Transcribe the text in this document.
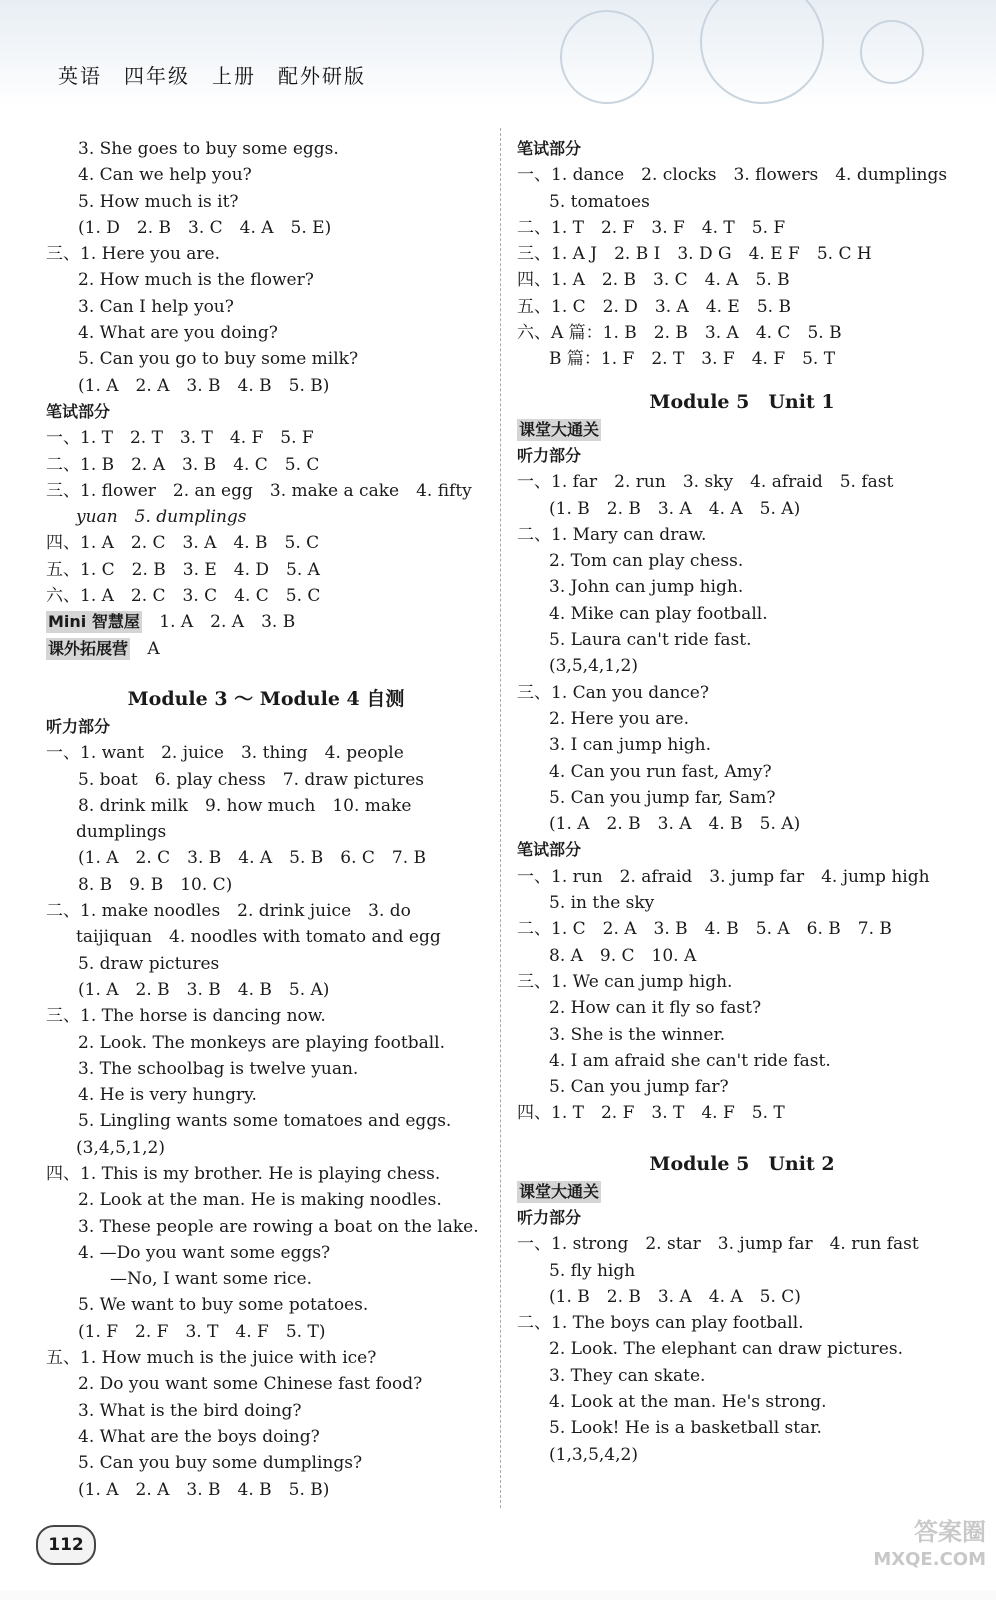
英语　四年级　上册　配外研版
3. She goes to buy some eggs.
4. Can we help you?
5. How much is it?
(1. D　2. B　3. C　4. A　5. E)
三、1. Here you are.
2. How much is the flower?
3. Can I help you?
4. What are you doing?
5. Can you go to buy some milk?
(1. A　2. A　3. B　4. B　5. B)
笔试部分
一、1. T　2. T　3. T　4. F　5. F
二、1. B　2. A　3. B　4. C　5. C
三、1. flower　2. an egg　3. make a cake　4. fifty
yuan　5. dumplings
四、1. A　2. C　3. A　4. B　5. C
五、1. C　2. B　3. E　4. D　5. A
六、1. A　2. C　3. C　4. C　5. C
Mini 智慧屋 1. A　2. A　3. B
课外拓展营 A
Module 3 ～ Module 4 自测
听力部分
一、1. want　2. juice　3. thing　4. people
5. boat　6. play chess　7. draw pictures
8. drink milk　9. how much　10. make
dumplings
(1. A　2. C　3. B　4. A　5. B　6. C　7. B
8. B　9. B　10. C)
二、1. make noodles　2. drink juice　3. do
taijiquan　4. noodles with tomato and egg
5. draw pictures
(1. A　2. B　3. B　4. B　5. A)
三、1. The horse is dancing now.
2. Look. The monkeys are playing football.
3. The schoolbag is twelve yuan.
4. He is very hungry.
5. Lingling wants some tomatoes and eggs.
(3,4,5,1,2)
四、1. This is my brother. He is playing chess.
2. Look at the man. He is making noodles.
3. These people are rowing a boat on the lake.
4. —Do you want some eggs?
—No, I want some rice.
5. We want to buy some potatoes.
(1. F　2. F　3. T　4. F　5. T)
五、1. How much is the juice with ice?
2. Do you want some Chinese fast food?
3. What is the bird doing?
4. What are the boys doing?
5. Can you buy some dumplings?
(1. A　2. A　3. B　4. B　5. B)
笔试部分
一、1. dance　2. clocks　3. flowers　4. dumplings
5. tomatoes
二、1. T　2. F　3. F　4. T　5. F
三、1. A J　2. B I　3. D G　4. E F　5. C H
四、1. A　2. B　3. C　4. A　5. B
五、1. C　2. D　3. A　4. E　5. B
六、A 篇：1. B　2. B　3. A　4. C　5. B
B 篇：1. F　2. T　3. F　4. F　5. T
Module 5　Unit 1
课堂大通关
听力部分
一、1. far　2. run　3. sky　4. afraid　5. fast
(1. B　2. B　3. A　4. A　5. A)
二、1. Mary can draw.
2. Tom can play chess.
3. John can jump high.
4. Mike can play football.
5. Laura can't ride fast.
(3,5,4,1,2)
三、1. Can you dance?
2. Here you are.
3. I can jump high.
4. Can you run fast, Amy?
5. Can you jump far, Sam?
(1. A　2. B　3. A　4. B　5. A)
笔试部分
一、1. run　2. afraid　3. jump far　4. jump high
5. in the sky
二、1. C　2. A　3. B　4. B　5. A　6. B　7. B
8. A　9. C　10. A
三、1. We can jump high.
2. How can it fly so fast?
3. She is the winner.
4. I am afraid she can't ride fast.
5. Can you jump far?
四、1. T　2. F　3. T　4. F　5. T
Module 5　Unit 2
课堂大通关
听力部分
一、1. strong　2. star　3. jump far　4. run fast
5. fly high
(1. B　2. B　3. A　4. A　5. C)
二、1. The boys can play football.
2. Look. The elephant can draw pictures.
3. They can skate.
4. Look at the man. He's strong.
5. Look! He is a basketball star.
(1,3,5,4,2)
112	答案圈
MXQE.COM
